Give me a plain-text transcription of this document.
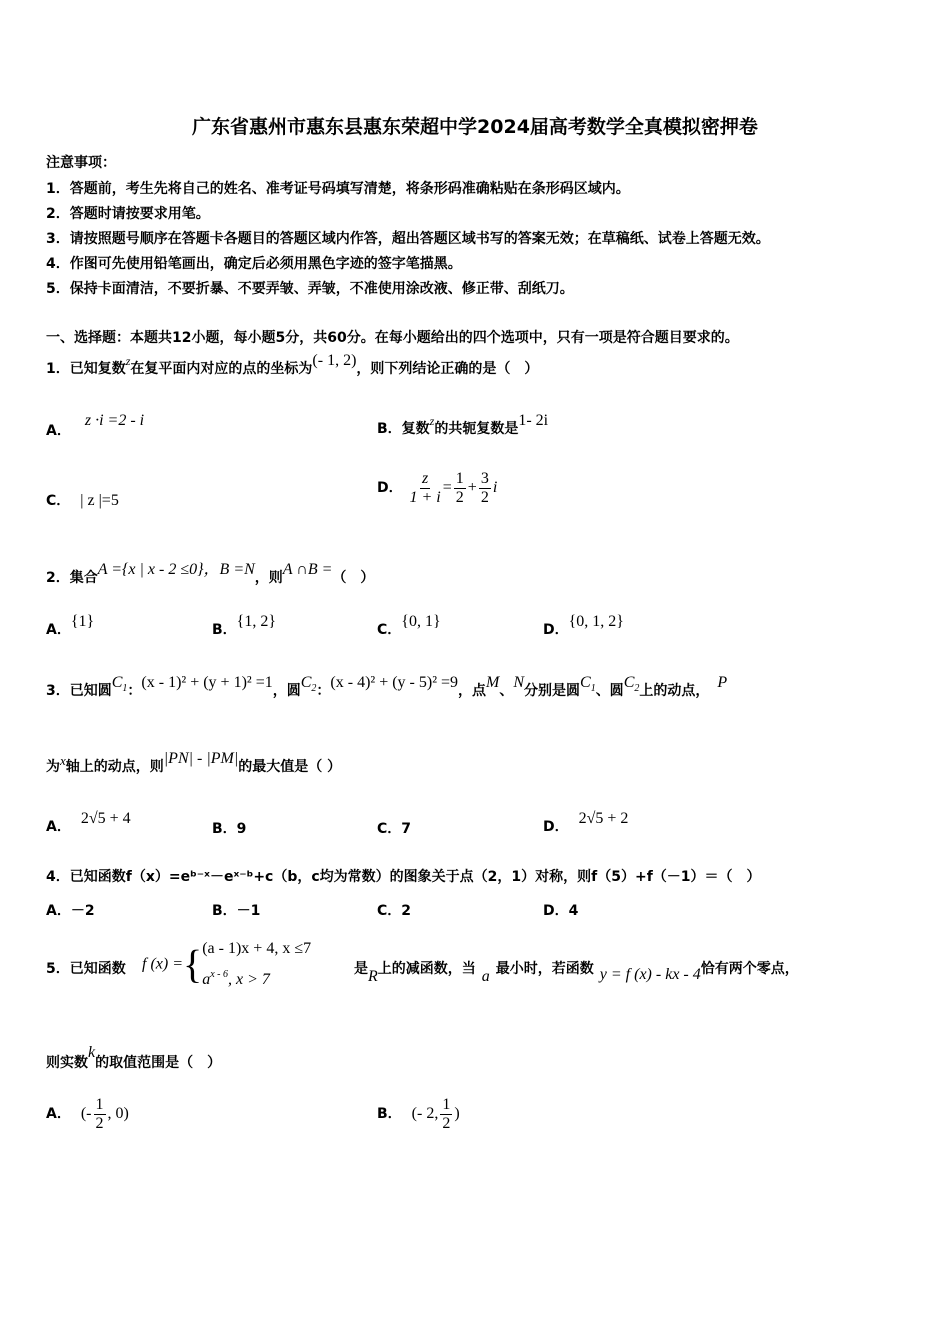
广东省惠州市惠东县惠东荣超中学2024届高考数学全真模拟密押卷
注意事项：
1．答题前，考生先将自己的姓名、准考证号码填写清楚，将条形码准确粘贴在条形码区域内。
2．答题时请按要求用笔。
3．请按照题号顺序在答题卡各题目的答题区域内作答，超出答题区域书写的答案无效；在草稿纸、试卷上答题无效。
4．作图可先使用铅笔画出，确定后必须用黑色字迹的签字笔描黑。
5．保持卡面清洁，不要折暴、不要弄皱、弄皱，不准使用涂改液、修正带、刮纸刀。
一、选择题：本题共12小题，每小题5分，共60分。在每小题给出的四个选项中，只有一项是符合题目要求的。
1．已知复数z在复平面内对应的点的坐标为(- 1, 2)，则下列结论正确的是（　）
A．z ·i =2 - i	B．复数z的共轭复数是1- 2i
C． | z |=5
D． $\frac{z}{1 + i} = \frac{1}{2} + \frac{3}{2}$ i
2．集合A ={x | x - 2 ≤0}，B =N，则A ∩B =（　）
A．{1}	B．{1, 2}	C．{0, 1}	D．{0, 1, 2}
3．已知圆$C_1$：(x - 1)² + (y + 1)² =1，圆$C_2$：(x - 4)² + (y - 5)² =9，点M、N分别是圆$C_1$、圆$C_2$上的动点， P
为x轴上的动点，则|PN| - |PM|的最大值是（ ）
A． 2√5 + 4
B．9	C．7	D． 2√5 + 2
4．已知函数f（x）=eᵇ⁻ˣ－eˣ⁻ᵇ+c（b，c均为常数）的图象关于点（2，1）对称，则f（5）+f（－1）＝（　）
A．－2	B．－1	C．2	D．4
5．已知函数 f (x) ={ (a - 1)x + 4, x ≤7
$a^{x - 6}$, x > 7
是R上的减函数，当 a 最小时，若函数 y = f (x) - kx - 4恰有两个零点，
则实数k的取值范围是（　）
A． (- $\frac{1}{2}$ , 0)	B． (- 2, $\frac{1}{2}$ )
